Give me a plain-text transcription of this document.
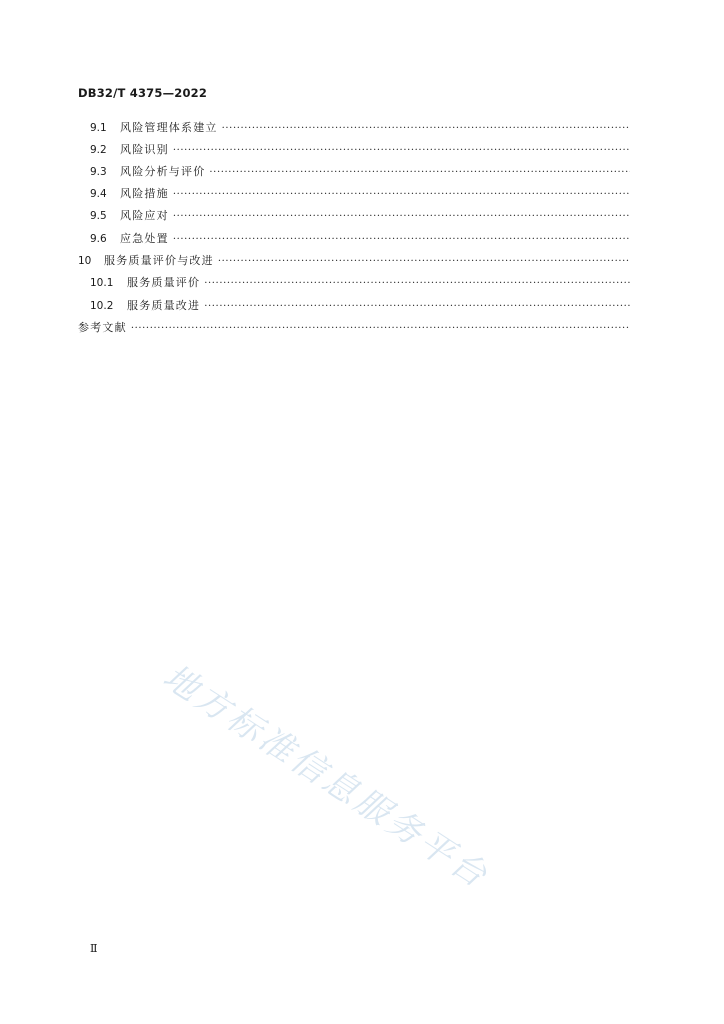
DB32/T 4375—2022
9.1	风险管理体系建立
·····
9.2	风险识别
·····
9.3	风险分析与评价
·····
9.4	风险措施
·····
9.5	风险应对
·····
9.6	应急处置
·····
10	服务质量评价与改进
·····
10.1	服务质量评价
·····
10.2	服务质量改进
·····
参考文献
·····
地方标准信息服务平台
Ⅱ
